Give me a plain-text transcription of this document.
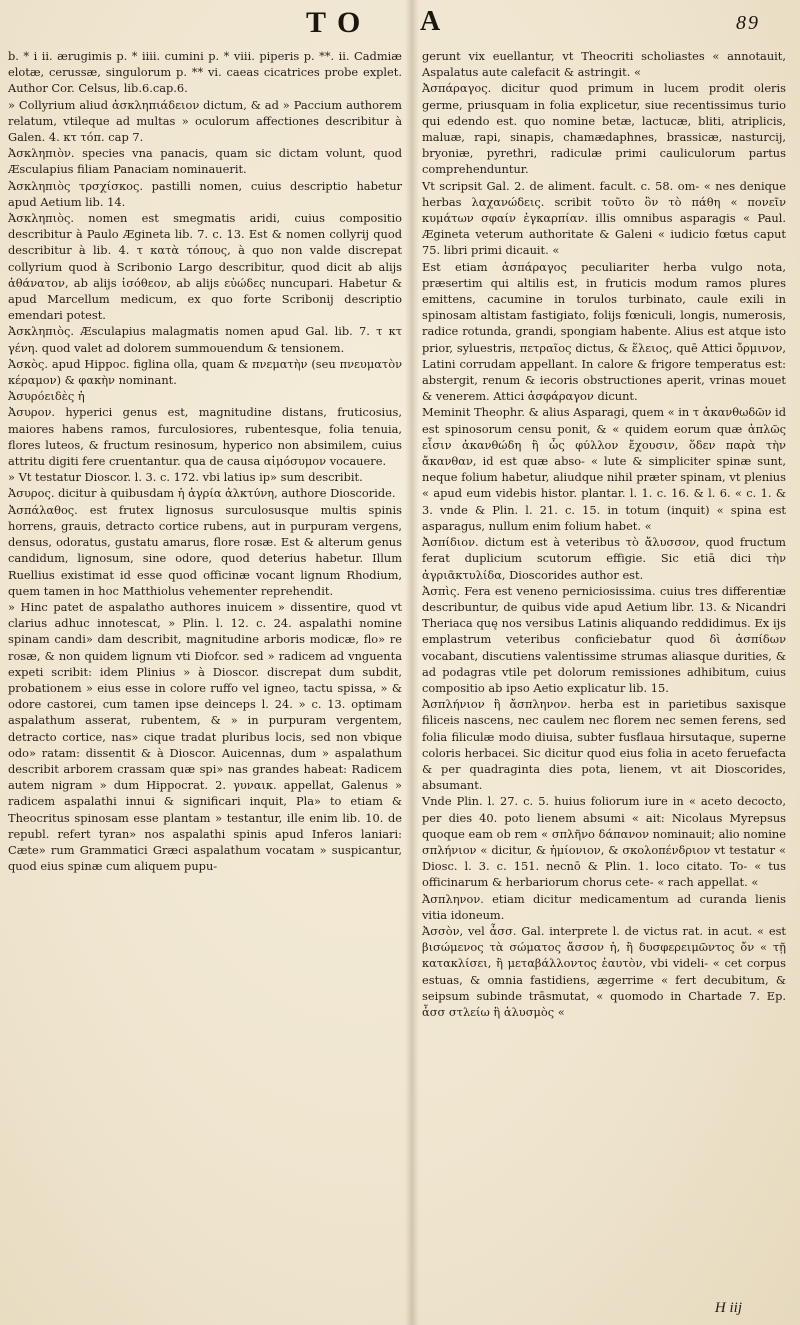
T O A	89

b. * i ii. ærugimis p. * iiii. cumini p. * viii. piperis p. **. ii. Cadmiæ elotæ, cerussæ, singulorum p. ** vi. caeas cicatrices probe explet. Author Cor. Celsus, lib.6.cap.6.

» Collyrium aliud ἀσκληπιάδειον dictum, & ad » Paccium authorem relatum, vtileque ad multas » oculorum affectiones describitur à Galen. 4. κτ τόπ. cap 7.

Ἀσκληπιὸν. species vna panacis, quam sic dictam volunt, quod Æsculapius filiam Panaciam nominauerit.

Ἀσκληπιὸς τρσχίσκος. pastilli nomen, cuius descriptio habetur apud Aetium lib. 14.

Ἀσκληπιὸς. nomen est smegmatis aridi, cuius compositio describitur à Paulo Ægineta lib. 7. c. 13. Est & nomen collyrij quod describitur à lib. 4. τ κατὰ τόπους, à quo non valde discrepat collyrium quod à Scribonio Largo describitur, quod dicit ab alijs ἀθάνατον, ab alijs ἰσόθεον, ab alijs εὐώδες nuncupari. Habetur & apud Marcellum medicum, ex quo forte Scribonij descriptio emendari potest.

Ἀσκληπιὸς. Æsculapius malagmatis nomen apud Gal. lib. 7. τ κτ γένη. quod valet ad dolorem summouendum & tensionem.

Ἀσκὸς. apud Hippoc. figlina olla, quam & πνεματὴν (seu πνευματὸν κέραμον) & φακὴν nominant.

Ἀσυρόειδὲς ἡ

Ἀσυρον. hyperici genus est, magnitudine distans, fruticosius, maiores habens ramos, furculosiores, rubentesque, folia tenuia, flores luteos, & fructum resinosum, hyperico non absimilem, cuius attritu digiti fere cruentantur. qua de causa αἱμόσυμον vocauere.

» Vt testatur Dioscor. l. 3. c. 172. vbi latius ip» sum describit.

Ἀσυρος. dicitur à quibusdam ἡ ἀγρία ἀλκτύνη, authore Dioscoride.

Ἀσπάλαθος. est frutex lignosus surculosusque multis spinis horrens, grauis, detracto cortice rubens, aut in purpuram vergens, densus, odoratus, gustatu amarus, flore rosæ. Est & alterum genus candidum, lignosum, sine odore, quod deterius habetur. Illum Ruellius existimat id esse quod officinæ vocant lignum Rhodium, quem tamen in hoc Matthiolus vehementer reprehendit.

» Hinc patet de aspalatho authores inuicem » dissentire, quod vt clarius adhuc innotescat, » Plin. l. 12. c. 24. aspalathi nomine spinam candi» dam describit, magnitudine arboris modicæ, flo» re rosæ, & non quidem lignum vti Diofcor. sed » radicem ad vnguenta expeti scribit: idem Plinius » à Dioscor. discrepat dum subdit, probationem » eius esse in colore ruffo vel igneo, tactu spissa, » & odore castorei, cum tamen ipse deinceps l. 24. » c. 13. optimam aspalathum asserat, rubentem, & » in purpuram vergentem, detracto cortice, nas» cique tradat pluribus locis, sed non vbique odo» ratam: dissentit & à Dioscor. Auicennas, dum » aspalathum describit arborem crassam quæ spi» nas grandes habeat: Radicem autem nigram » dum Hippocrat. 2. γυναικ. appellat, Galenus » radicem aspalathi innui & significari inquit, Pla» to etiam & Theocritus spinosam esse plantam » testantur, ille enim lib. 10. de republ. refert tyran» nos aspalathi spinis apud Inferos laniari: Cæte» rum Grammatici Græci aspalathum vocatam » suspicantur, quod eius spinæ cum aliquem pupu-

gerunt vix euellantur, vt Theocriti scholiastes « annotauit, Aspalatus aute calefacit & astringit. «

Ἀσπάραγος. dicitur quod primum in lucem prodit oleris germe, priusquam in folia explicetur, siue recentissimus turio qui edendo est. quo nomine betæ, lactucæ, bliti, atriplicis, maluæ, rapi, sinapis, chamædaphnes, brassicæ, nasturcij, bryoniæ, pyrethri, radiculæ primi cauliculorum partus comprehenduntur.

Vt scripsit Gal. 2. de aliment. facult. c. 58. om- « nes denique herbas λαχανώδεις. scribit τοῦτο ὂν τὸ πάθη « πονεῖν κυμάτων σφαίν ἐγκαρπίαν. illis omnibus asparagis « Paul. Ægineta veterum authoritate & Galeni « iudicio fœtus caput 75. libri primi dicauit. «

Est etiam ἀσπάραγος peculiariter herba vulgo nota, præsertim qui altilis est, in fruticis modum ramos plures emittens, cacumine in torulos turbinato, caule exili in spinosam altistam fastigiato, folijs fœniculi, longis, numerosis, radice rotunda, grandi, spongiam habente. Alius est atque isto prior, syluestris, πετραῖος dictus, & ἕλειος, quē Attici ὄρμινον, Latini corrudam appellant. In calore & frigore temperatus est: abstergit, renum & iecoris obstructiones aperit, vrinas mouet & venerem. Attici ἀσφάραγον dicunt.

Meminit Theophr. & alius Asparagi, quem « in τ ἀκανθωδῶν id est spinosorum censu ponit, & « quidem eorum quæ ἀπλῶς εἶσιν ἀκανθώδη ἢ ὧς φύλλον ἔχουσιν, ὅδεν παρὰ τὴν ἄκανθαν, id est quæ abso- « lute & simpliciter spinæ sunt, neque folium habetur, aliudque nihil præter spinam, vt plenius « apud eum videbis histor. plantar. l. 1. c. 16. & l. 6. « c. 1. & 3. vnde & Plin. l. 21. c. 15. in totum (inquit) « spina est asparagus, nullum enim folium habet. «

Ἀσπίδιον. dictum est à veteribus τὸ ἄλυσσον, quod fructum ferat duplicium scutorum effigie. Sic etiā dici τὴν ἀγριᾶκτυλίδα, Dioscorides author est.

Ἀσπὶς. Fera est veneno perniciosissima. cuius tres differentiæ describuntur, de quibus vide apud Aetium libr. 13. & Nicandri Theriaca quę nos versibus Latinis aliquando reddidimus. Ex ijs emplastrum veteribus conficiebatur quod δὶ ἀσπίδων vocabant, discutiens valentissime strumas aliasque durities, & ad podagras vtile pet dolorum remissiones adhibitum, cuius compositio ab ipso Aetio explicatur lib. 15.

Ἀσπλήνιον ἢ ἄσπληνον. herba est in parietibus saxisque filiceis nascens, nec caulem nec florem nec semen ferens, sed folia filiculæ modo diuisa, subter fusflaua hirsutaque, superne coloris herbacei. Sic dicitur quod eius folia in aceto feruefacta & per quadraginta dies pota, lienem, vt ait Dioscorides, absumant.

Vnde Plin. l. 27. c. 5. huius foliorum iure in « aceto decocto, per dies 40. poto lienem absumi « ait: Nicolaus Myrepsus quoque eam ob rem « σπλῆνο δάπανον nominauit; alio nomine σπλήνιον « dicitur, & ἡμίονιον, & σκολοπένδριον vt testatur « Diosc. l. 3. c. 151. necnō & Plin. 1. loco citato. To- « tus officinarum & herbariorum chorus cete- « rach appellat. «

Ἀσπληνον. etiam dicitur medicamentum ad curanda lienis vitia idoneum.

Ἀσσὸν, vel ἆσσ. Gal. interprete l. de victus rat. in acut. « est βισώμενος τὰ σώματος ἄσσον ἡ, ἢ δυσφερειμῶντος ὄν « τῇ κατακλίσει, ἢ μεταβάλλοντος ἑαυτὸν, vbi videli- « cet corpus estuas, & omnia fastidiens, ægerrime « fert decubitum, & seipsum subinde trāsmutat, « quomodo in Chartade 7. Ep. ἆσσ στλείω ἢ ἀλυσμὸς «

H iij
